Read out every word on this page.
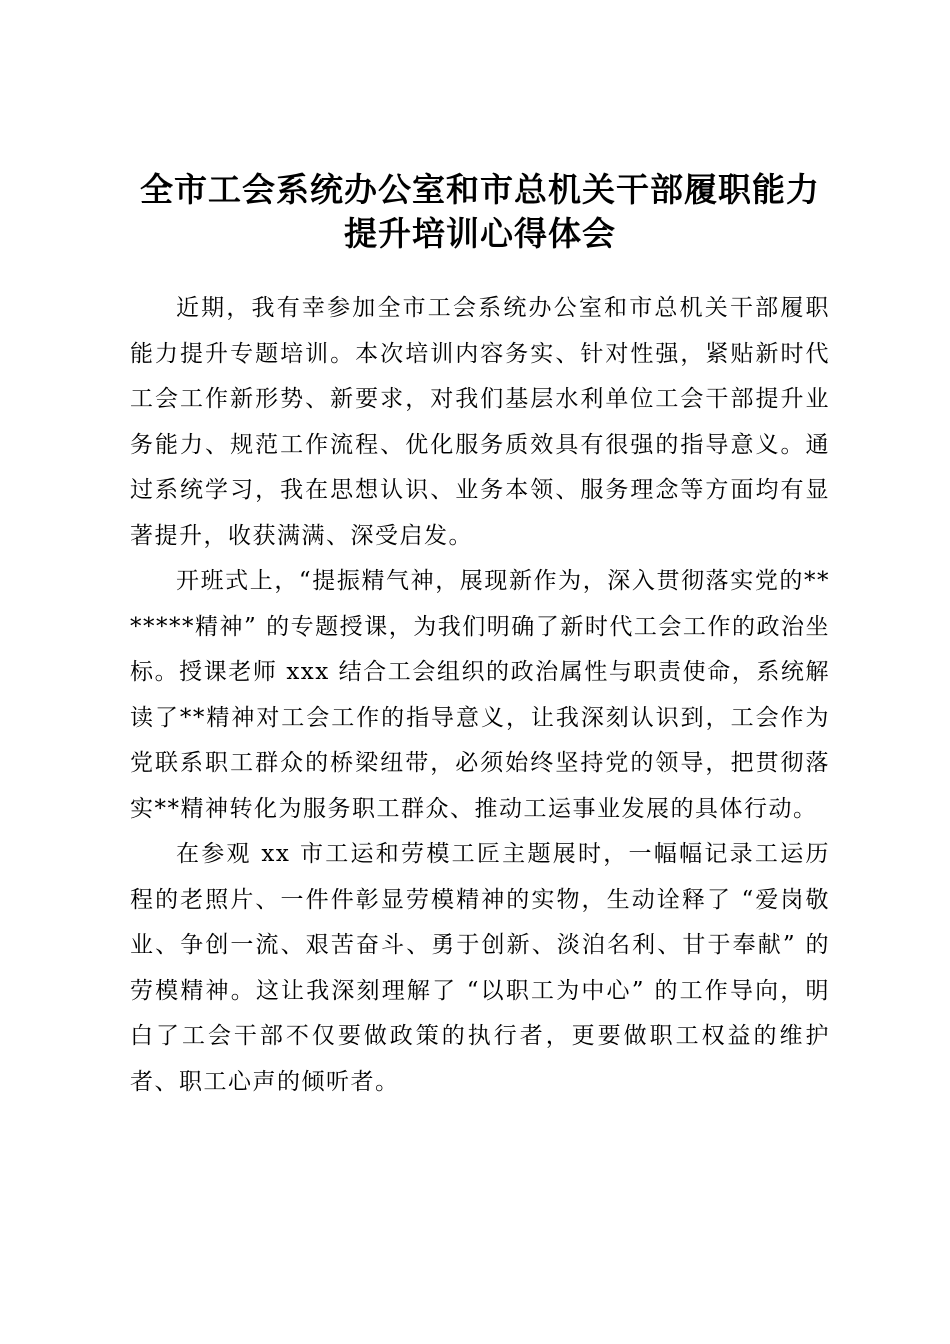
全市工会系统办公室和市总机关干部履职能力
提升培训心得体会

近期，我有幸参加全市工会系统办公室和市总机关干部履职能力提升专题培训。本次培训内容务实、针对性强，紧贴新时代工会工作新形势、新要求，对我们基层水利单位工会干部提升业务能力、规范工作流程、优化服务质效具有很强的指导意义。通过系统学习，我在思想认识、业务本领、服务理念等方面均有显著提升，收获满满、深受启发。

开班式上，“提振精气神，展现新作为，深入贯彻落实党的*******精神” 的专题授课，为我们明确了新时代工会工作的政治坐标。授课老师 xxx 结合工会组织的政治属性与职责使命，系统解读了**精神对工会工作的指导意义，让我深刻认识到，工会作为党联系职工群众的桥梁纽带，必须始终坚持党的领导，把贯彻落实**精神转化为服务职工群众、推动工运事业发展的具体行动。

在参观 xx 市工运和劳模工匠主题展时，一幅幅记录工运历程的老照片、一件件彰显劳模精神的实物，生动诠释了 “爱岗敬业、争创一流、艰苦奋斗、勇于创新、淡泊名利、甘于奉献” 的劳模精神。这让我深刻理解了 “以职工为中心” 的工作导向，明白了工会干部不仅要做政策的执行者，更要做职工权益的维护者、职工心声的倾听者。
